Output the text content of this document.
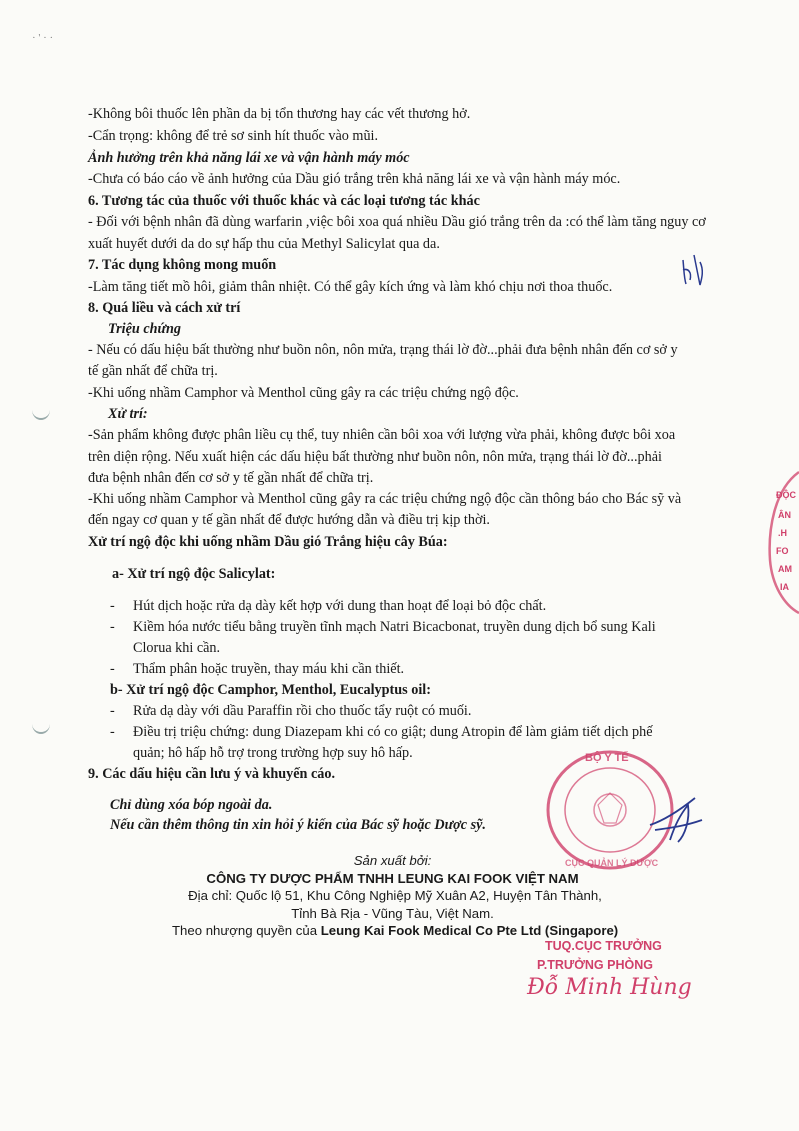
· ' · ·
-Không bôi thuốc lên phần da bị tổn thương hay các vết thương hở.
-Cẩn trọng: không để trẻ sơ sinh hít thuốc vào mũi.
Ảnh hưởng trên khả năng lái xe và vận hành máy móc
-Chưa có báo cáo về ảnh hưởng của Dầu gió trắng trên khả năng lái xe và vận hành máy móc.
6. Tương tác của thuốc với thuốc khác và các loại tương tác khác
- Đối với bệnh nhân đã dùng warfarin ,việc bôi xoa quá nhiều Dầu gió trắng trên da :có thể làm tăng nguy cơ
xuất huyết dưới da do sự hấp thu của Methyl Salicylat qua da.
7. Tác dụng không mong muốn
-Làm tăng tiết mồ hôi, giảm thân nhiệt. Có thể gây kích ứng và làm khó chịu nơi thoa thuốc.
8. Quá liều và cách xử trí
Triệu chứng
- Nếu có dấu hiệu bất thường như buồn nôn, nôn mửa, trạng thái lờ đờ...phải đưa bệnh nhân đến cơ sở y
tế gần nhất để chữa trị.
-Khi uống nhầm Camphor và Menthol cũng gây ra các triệu chứng ngộ độc.
Xử trí:
-Sản phẩm không được phân liều cụ thể, tuy nhiên cần bôi xoa với lượng vừa phải, không được bôi xoa
trên diện rộng. Nếu xuất hiện các dấu hiệu bất thường như buồn nôn, nôn mửa, trạng thái lờ đờ...phải
đưa bệnh nhân đến cơ sở y tế gần nhất để chữa trị.
-Khi uống nhầm Camphor và Menthol cũng gây ra các triệu chứng ngộ độc cần thông báo cho Bác sỹ và
đến ngay cơ quan y tế gần nhất để được hướng dẫn và điều trị kịp thời.
Xử trí ngộ độc khi uống nhầm Dầu gió Trắng hiệu cây Búa:
a- Xử trí ngộ độc Salicylat:
- Hút dịch hoặc rửa dạ dày kết hợp với dung than hoạt để loại bỏ độc chất.
- Kiềm hóa nước tiểu bằng truyền tĩnh mạch Natri Bicacbonat, truyền dung dịch bổ sung Kali
Clorua khi cần.
- Thẩm phân hoặc truyền, thay máu khi cần thiết.
b- Xử trí ngộ độc Camphor, Menthol, Eucalyptus oil:
- Rửa dạ dày với dầu Paraffin rồi cho thuốc tẩy ruột có muối.
- Điều trị triệu chứng: dung Diazepam khi có co giật; dung Atropin để làm giảm tiết dịch phế
quản; hô hấp hỗ trợ trong trường hợp suy hô hấp.
9. Các dấu hiệu cần lưu ý và khuyến cáo.
Chỉ dùng xóa bóp ngoài da.
Nếu cần thêm thông tin xin hỏi ý kiến của Bác sỹ hoặc Dược sỹ.
Sản xuất bởi:
CÔNG TY DƯỢC PHẨM TNHH LEUNG KAI FOOK VIỆT NAM
Địa chỉ: Quốc lộ 51, Khu Công Nghiệp Mỹ Xuân A2, Huyện Tân Thành,
Tỉnh Bà Rịa - Vũng Tàu, Việt Nam.
Theo nhượng quyền của Leung Kai Fook Medical Co Pte Ltd (Singapore)
BỘ Y TẾ
CỤC QUẢN LÝ DƯỢC
TUQ.CỤC TRƯỞNG
P.TRƯỞNG PHÒNG
Đỗ Minh Hùng
ĐỘC
ÂN
.H
FO
AM
IA
